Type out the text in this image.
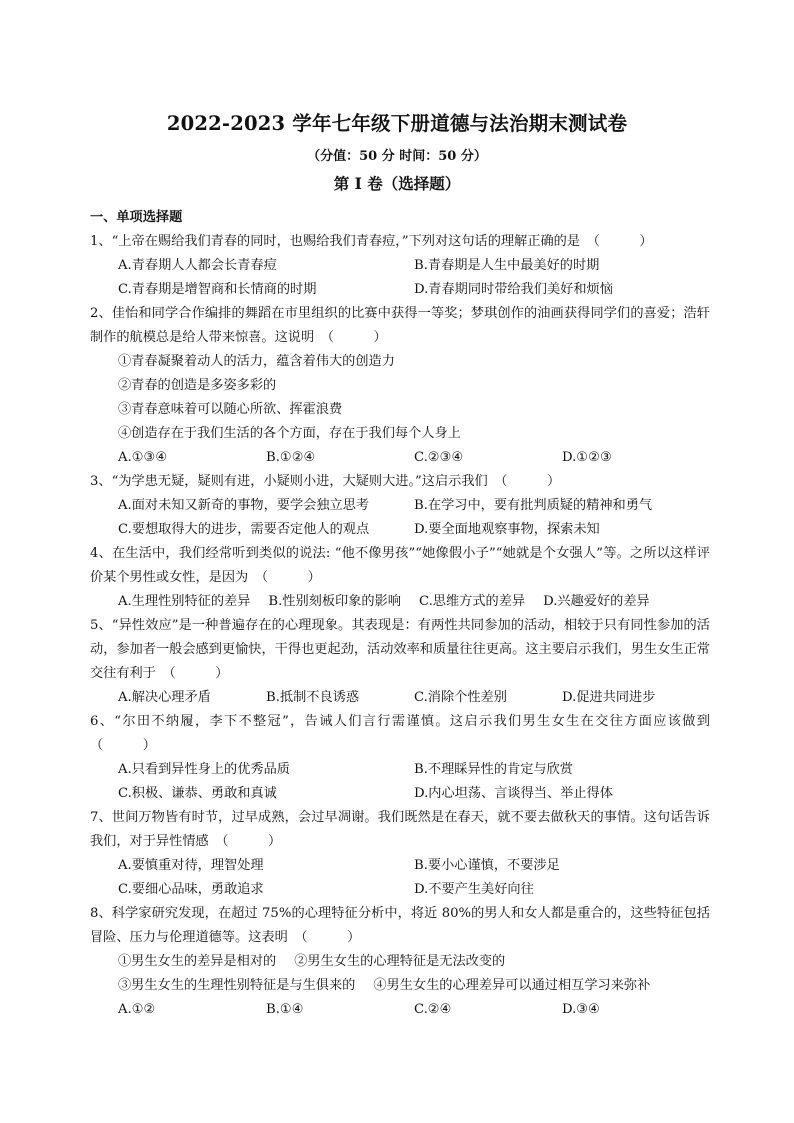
2022-2023 学年七年级下册道德与法治期末测试卷
（分值：50 分 时间：50 分）
第 Ⅰ 卷（选择题）
一、单项选择题
1、“上帝在赐给我们青春的同时，也赐给我们青春痘，”下列对这句话的理解正确的是　（　　　）
A.青春期人人都会长青春痘	B.青春期是人生中最美好的时期
C.青春期是增智商和长情商的时期	D.青春期同时带给我们美好和烦恼
2、佳怡和同学合作编排的舞蹈在市里组织的比赛中获得一等奖；梦琪创作的油画获得同学们的喜爱；浩轩制作的航模总是给人带来惊喜。这说明　（　　　）
①青春凝聚着动人的活力，蕴含着伟大的创造力
②青春的创造是多姿多彩的
③青春意味着可以随心所欲、挥霍浪费
④创造存在于我们生活的各个方面，存在于我们每个人身上
A.①③④	B.①②④	C.②③④	D.①②③
3、“为学患无疑，疑则有进，小疑则小进，大疑则大进。”这启示我们　（　　　）
A.面对未知又新奇的事物，要学会独立思考	B.在学习中，要有批判质疑的精神和勇气
C.要想取得大的进步，需要否定他人的观点	D.要全面地观察事物，探索未知
4、在生活中，我们经常听到类似的说法: “他不像男孩”“她像假小子”“她就是个女强人”等。之所以这样评价某个男性或女性，是因为　（　　　）
A.生理性别特征的差异 B.性别刻板印象的影响 C.思维方式的差异 D.兴趣爱好的差异
5、“异性效应”是一种普遍存在的心理现象。其表现是：有两性共同参加的活动，相较于只有同性参加的活动，参加者一般会感到更愉快，干得也更起劲，活动效率和质量往往更高。这主要启示我们，男生女生正常交往有利于　（　　　）
A.解决心理矛盾	B.抵制不良诱惑	C.消除个性差别	D.促进共同进步
6、“尔田不纳履，李下不整冠”，告诫人们言行需谨慎。这启示我们男生女生在交往方面应该做到　（　　　）
A.只看到异性身上的优秀品质	B.不理睬异性的肯定与欣赏
C.积极、谦恭、勇敢和真诚	D.内心坦荡、言谈得当、举止得体
7、世间万物皆有时节，过早成熟，会过早凋谢。我们既然是在春天，就不要去做秋天的事情。这句话告诉我们，对于异性情感　（　　　）
A.要慎重对待，理智处理	B.要小心谨慎，不要涉足
C.要细心品味，勇敢追求	D.不要产生美好向往
8、科学家研究发现，在超过 75%的心理特征分析中，将近 80%的男人和女人都是重合的，这些特征包括冒险、压力与伦理道德等。这表明　（　　　）
①男生女生的差异是相对的 ②男生女生的心理特征是无法改变的
③男生女生的生理性别特征是与生俱来的 ④男生女生的心理差异可以通过相互学习来弥补
A.①②	B.①④	C.②④	D.③④
